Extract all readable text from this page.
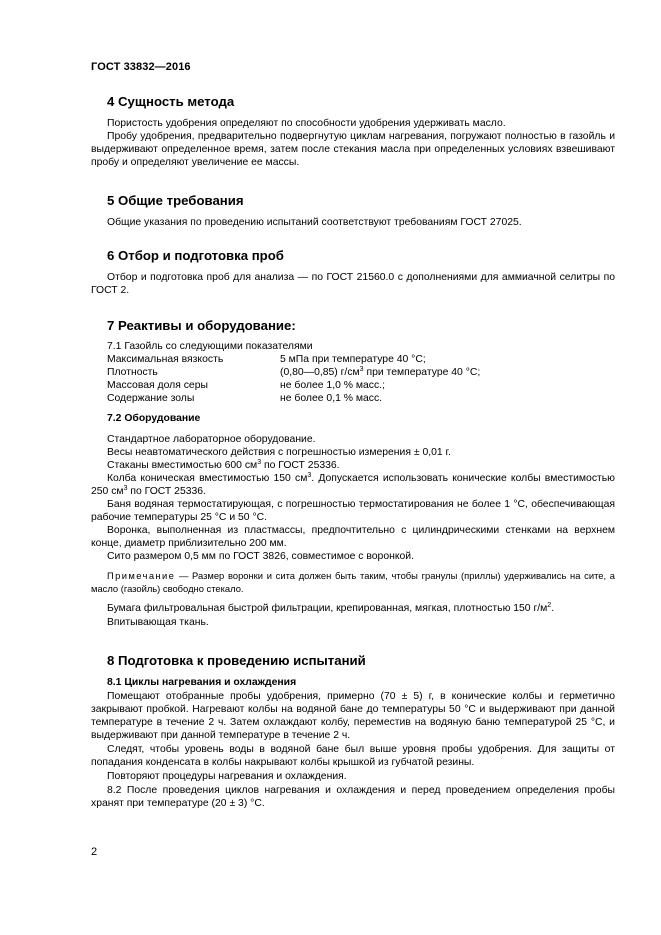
ГОСТ 33832—2016
4 Сущность метода

Пористость удобрения определяют по способности удобрения удерживать масло.

Пробу удобрения, предварительно подвергнутую циклам нагревания, погружают полностью в газойль и выдерживают определенное время, затем после стекания масла при определенных условиях взвешивают пробу и определяют увеличение ее массы.

5 Общие требования

Общие указания по проведению испытаний соответствуют требованиям ГОСТ 27025.

6 Отбор и подготовка проб

Отбор и подготовка проб для анализа — по ГОСТ 21560.0 с дополнениями для аммиачной селитры по ГОСТ 2.

7 Реактивы и оборудование:
7.1 Газойль со следующими показателями
Максимальная вязкость	5 мПа при температуре 40 °С;
Плотность	(0,80—0,85) $г/см^3$ при температуре 40 °С;
Массовая доля серы	не более 1,0 % масс.;
Содержание золы	не более 0,1 % масс.
7.2 Оборудование

Стандартное лабораторное оборудование.

Весы неавтоматического действия с погрешностью измерения ± 0,01 г.

Стаканы вместимостью 600 $см^3$ по ГОСТ 25336.

Колба коническая вместимостью 150 $см^3$. Допускается использовать конические колбы вместимостью 250 $см^3$ по ГОСТ 25336.

Баня водяная термостатирующая, с погрешностью термостатирования не более 1 °С, обеспечивающая рабочие температуры 25 °С и 50 °С.

Воронка, выполненная из пластмассы, предпочтительно с цилиндрическими стенками на верхнем конце, диаметр приблизительно 200 мм.

Сито размером 0,5 мм по ГОСТ 3826, совместимое с воронкой.

Примечание — Размер воронки и сита должен быть таким, чтобы гранулы (приллы) удерживались на сите, а масло (газойль) свободно стекало.

Бумага фильтровальная быстрой фильтрации, крепированная, мягкая, плотностью 150 $г/м^2$.

Впитывающая ткань.

8 Подготовка к проведению испытаний
8.1 Циклы нагревания и охлаждения

Помещают отобранные пробы удобрения, примерно (70 ± 5) г, в конические колбы и герметично закрывают пробкой. Нагревают колбы на водяной бане до температуры 50 °С и выдерживают при данной температуре в течение 2 ч. Затем охлаждают колбу, переместив на водяную баню температурой 25 °С, и выдерживают при данной температуре в течение 2 ч.

Следят, чтобы уровень воды в водяной бане был выше уровня пробы удобрения. Для защиты от попадания конденсата в колбы накрывают колбы крышкой из губчатой резины.

Повторяют процедуры нагревания и охлаждения.

8.2 После проведения циклов нагревания и охлаждения и перед проведением определения пробы хранят при температуре (20 ± 3) °С.

2
